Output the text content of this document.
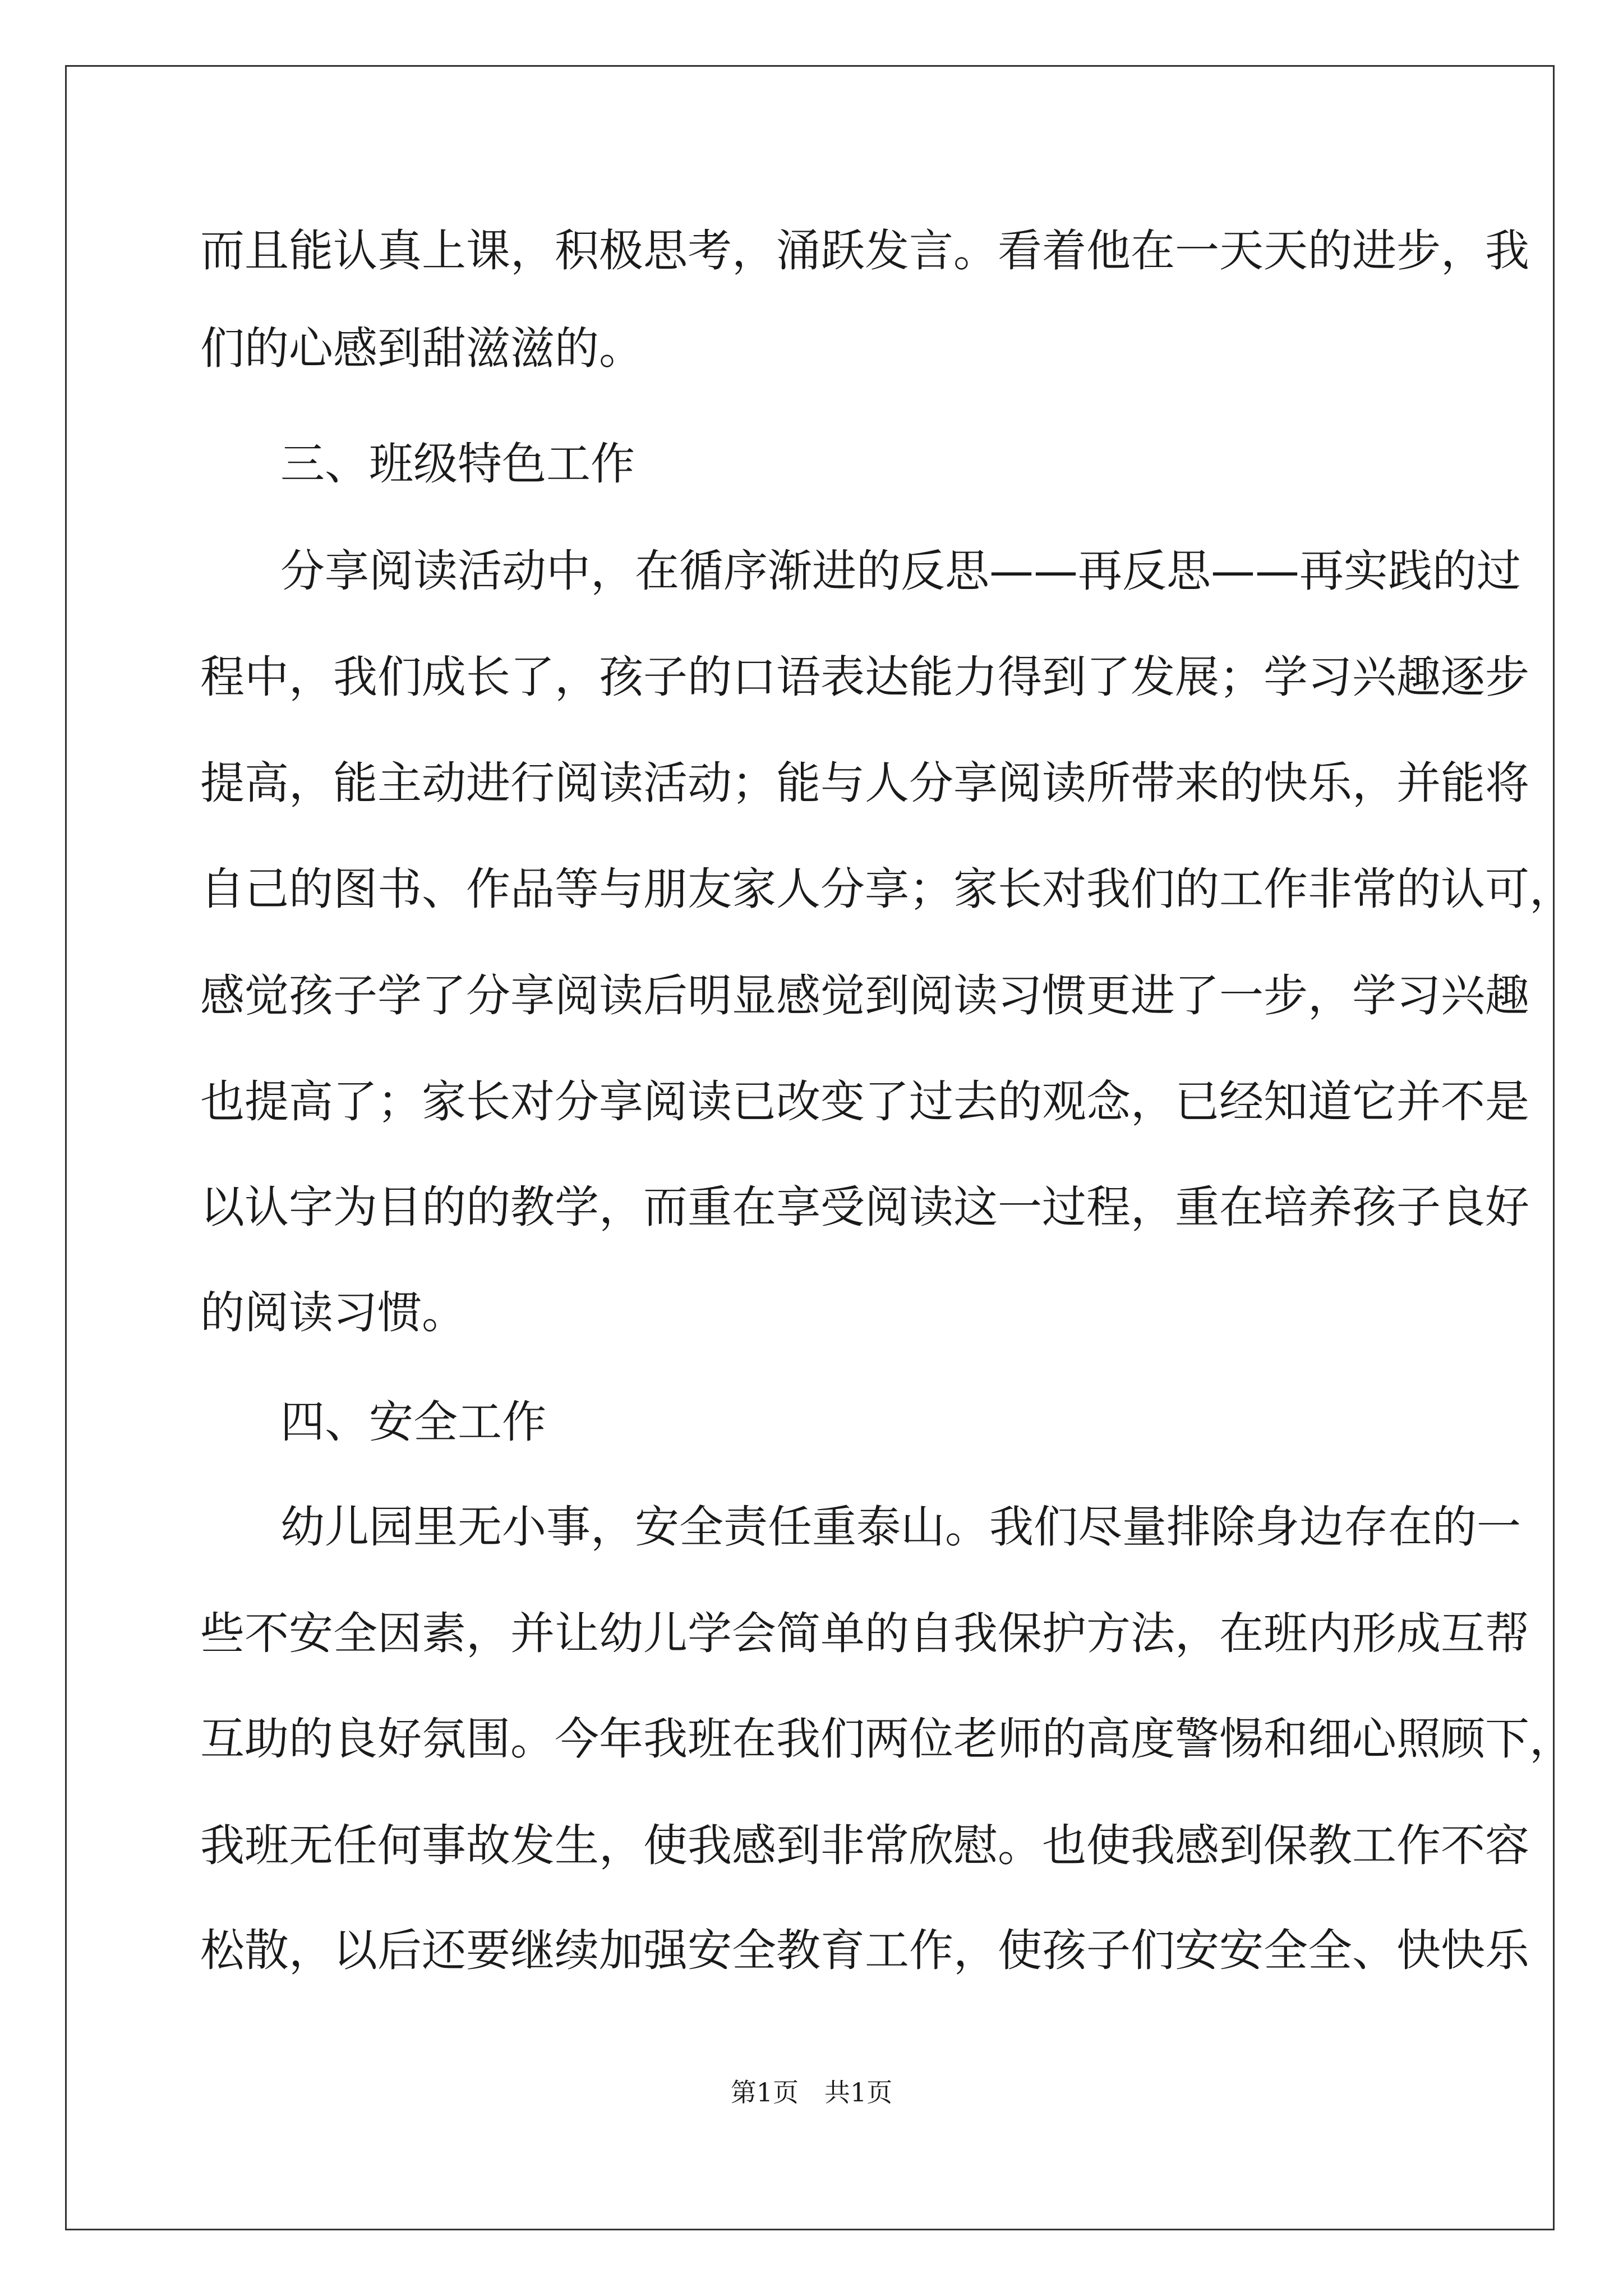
而且能认真上课，积极思考，涌跃发言。看着他在一天天的进步，我

们的心感到甜滋滋的。

三、班级特色工作

分享阅读活动中，在循序渐进的反思——再反思——再实践的过

程中，我们成长了，孩子的口语表达能力得到了发展；学习兴趣逐步

提高，能主动进行阅读活动；能与人分享阅读所带来的快乐，并能将

自己的图书、作品等与朋友家人分享；家长对我们的工作非常的认可，

感觉孩子学了分享阅读后明显感觉到阅读习惯更进了一步，学习兴趣

也提高了；家长对分享阅读已改变了过去的观念，已经知道它并不是

以认字为目的的教学，而重在享受阅读这一过程，重在培养孩子良好

的阅读习惯。

四、安全工作

幼儿园里无小事，安全责任重泰山。我们尽量排除身边存在的一

些不安全因素，并让幼儿学会简单的自我保护方法，在班内形成互帮

互助的良好氛围。今年我班在我们两位老师的高度警惕和细心照顾下，

我班无任何事故发生，使我感到非常欣慰。也使我感到保教工作不容

松散，以后还要继续加强安全教育工作，使孩子们安安全全、快快乐

第1页　共1页
